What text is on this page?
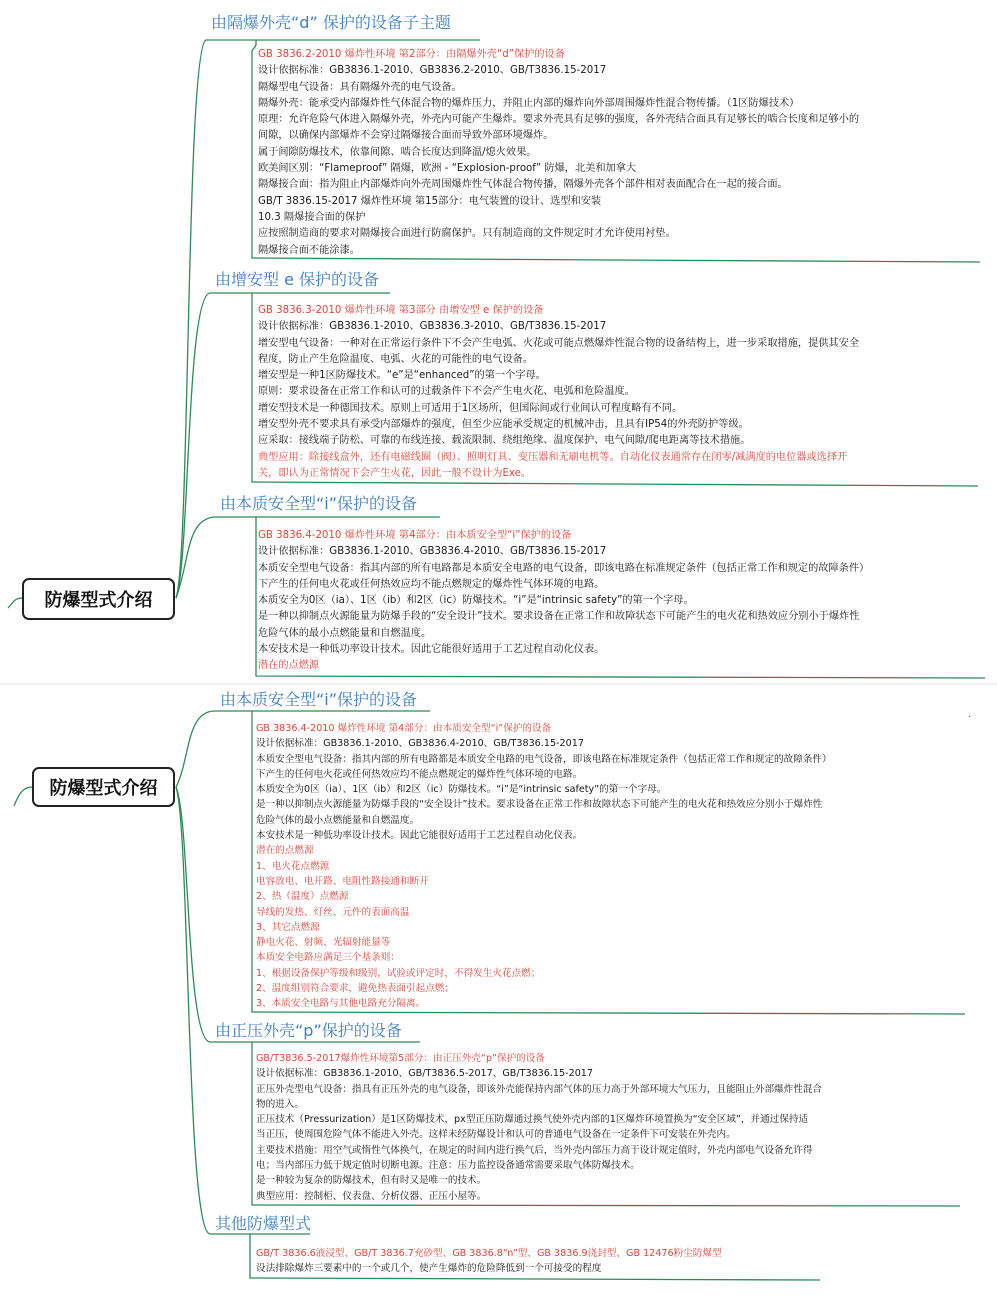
防爆型式介绍
由隔爆外壳“d” 保护的设备子主题
GB 3836.2-2010 爆炸性环境 第2部分：由隔爆外壳“d”保护的设备
设计依据标准：GB3836.1-2010、GB3836.2-2010、GB/T3836.15-2017
隔爆型电气设备：具有隔爆外壳的电气设备。
隔爆外壳：能承受内部爆炸性气体混合物的爆炸压力，并阻止内部的爆炸向外部周围爆炸性混合物传播。（1区防爆技术）
原理：允许危险气体进入隔爆外壳，外壳内可能产生爆炸。要求外壳具有足够的强度，各外壳结合面具有足够长的啮合长度和足够小的
间隙，以确保内部爆炸不会穿过隔爆接合面而导致外部环境爆炸。
属于间隙防爆技术，依靠间隙、啮合长度达到降温/熄火效果。
欧美间区别：“Flameproof” 隔爆，欧洲 - “Explosion-proof” 防爆，北美和加拿大
隔爆接合面：指为阻止内部爆炸向外壳周围爆炸性气体混合物传播，隔爆外壳各个部件相对表面配合在一起的接合面。
GB/T 3836.15-2017 爆炸性环境 第15部分：电气装置的设计、选型和安装
10.3 隔爆接合面的保护
应按照制造商的要求对隔爆接合面进行防腐保护。只有制造商的文件规定时才允许使用衬垫。
隔爆接合面不能涂漆。
由增安型 e 保护的设备
GB 3836.3-2010 爆炸性环境 第3部分 由增安型 e 保护的设备
设计依据标准：GB3836.1-2010、GB3836.3-2010、GB/T3836.15-2017
增安型电气设备：一种对在正常运行条件下不会产生电弧、火花或可能点燃爆炸性混合物的设备结构上，进一步采取措施，提供其安全
程度，防止产生危险温度、电弧、火花的可能性的电气设备。
增安型是一种1区防爆技术。“e”是“enhanced”的第一个字母。
原则：要求设备在正常工作和认可的过载条件下不会产生电火花、电弧和危险温度。
增安型技术是一种德国技术。原则上可适用于1区场所，但国际间或行业间认可程度略有不同。
增安型外壳不要求具有承受内部爆炸的强度，但至少应能承受规定的机械冲击，且具有IP54的外壳防护等级。
应采取：接线端子防松、可靠的布线连接、载流限制、绕组绝缘、温度保护、电气间隙/爬电距离等技术措施。
典型应用：除接线盒外，还有电磁线圈（阀）、照明灯具、变压器和无刷电机等。自动化仪表通常存在闭零/减满度的电位器或选择开
关，即认为正常情况下会产生火花，因此一般不设计为Exe。
由本质安全型“i”保护的设备
GB 3836.4-2010 爆炸性环境 第4部分：由本质安全型“i”保护的设备
设计依据标准：GB3836.1-2010、GB3836.4-2010、GB/T3836.15-2017
本质安全型电气设备：指其内部的所有电路都是本质安全电路的电气设备，即该电路在标准规定条件（包括正常工作和规定的故障条件）
下产生的任何电火花或任何热效应均不能点燃规定的爆炸性气体环境的电路。
本质安全为0区（ia）、1区（ib）和2区（ic）防爆技术。“i”是“intrinsic safety”的第一个字母。
是一种以抑制点火源能量为防爆手段的“安全设计”技术。要求设备在正常工作和故障状态下可能产生的电火花和热效应分别小于爆炸性
危险气体的最小点燃能量和自燃温度。
本安技术是一种低功率设计技术。因此它能很好适用于工艺过程自动化仪表。
潜在的点燃源
防爆型式介绍
由本质安全型“i”保护的设备
GB 3836.4-2010 爆炸性环境 第4部分：由本质安全型“i”保护的设备
设计依据标准：GB3836.1-2010、GB3836.4-2010、GB/T3836.15-2017
本质安全型电气设备：指其内部的所有电路都是本质安全电路的电气设备，即该电路在标准规定条件（包括正常工作和规定的故障条件）
下产生的任何电火花或任何热效应均不能点燃规定的爆炸性气体环境的电路。
本质安全为0区（ia）、1区（ib）和2区（ic）防爆技术。“i”是“intrinsic safety”的第一个字母。
是一种以抑制点火源能量为防爆手段的“安全设计”技术。要求设备在正常工作和故障状态下可能产生的电火花和热效应分别小于爆炸性
危险气体的最小点燃能量和自燃温度。
本安技术是一种低功率设计技术。因此它能很好适用于工艺过程自动化仪表。
潜在的点燃源
1、电火花点燃源
电容放电、电开路、电阻性路接通和断开
2、热（温度）点燃源
导线的发热、灯丝、元件的表面高温
3、其它点燃源
静电火花、射频、光辐射能量等
本质安全电路应满足三个基条则：
1、根据设备保护等级和级别，试验或评定时，不得发生火花点燃；
2、温度组别符合要求，避免热表面引起点燃；
3、本质安全电路与其他电路充分隔离。
由正压外壳“p”保护的设备
GB/T3836.5-2017爆炸性环境第5部分：由正压外壳“p”保护的设备
设计依据标准：GB3836.1-2010、GB/T3836.5-2017、GB/T3836.15-2017
正压外壳型电气设备：指具有正压外壳的电气设备，即该外壳能保持内部气体的压力高于外部环境大气压力，且能阻止外部爆炸性混合
物的进入。
正压技术（Pressurization）是1区防爆技术，px型正压防爆通过换气使外壳内部的1区爆炸环境置换为“安全区域”，并通过保持适
当正压，使周围危险气体不能进入外壳。这样未经防爆设计和认可的普通电气设备在一定条件下可安装在外壳内。
主要技术措施：用空气或惰性气体换气，在规定的时间内进行换气后，当外壳内部压力高于设计规定值时，外壳内部电气设备允许得
电；当内部压力低于规定值时切断电源。注意：压力监控设备通常需要采取气体防爆技术。
是一种较为复杂的防爆技术，但有时又是唯一的技术。
典型应用：控制柜、仪表盘、分析仪器、正压小屋等。
其他防爆型式
GB/T 3836.6液浸型、GB/T 3836.7充砂型、GB 3836.8“n”型、GB 3836.9浇封型、GB 12476粉尘防爆型
设法排除爆炸三要素中的一个或几个，使产生爆炸的危险降低到一个可接受的程度
·
